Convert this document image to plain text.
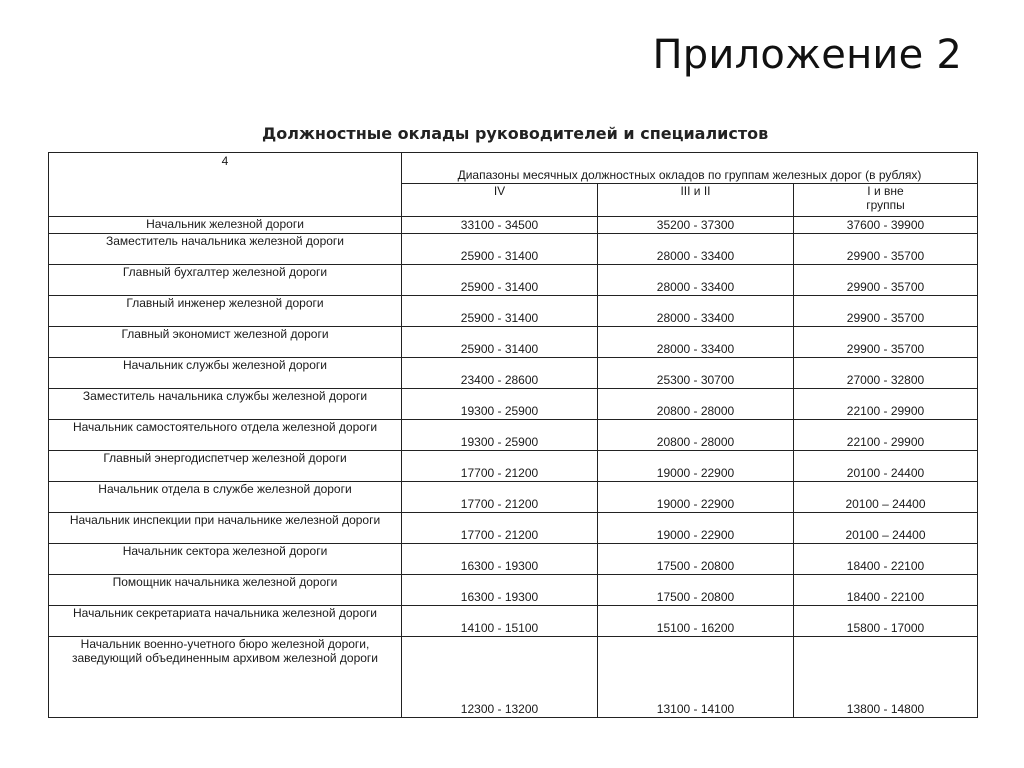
Приложение 2
Должностные оклады руководителей и специалистов
4	Диапазоны месячных должностных окладов по группам железных дорог (в рублях)		
	IV	III и II	I и вне
группы

Начальник железной дороги	33100 - 34500	35200 - 37300	37600 - 39900

Заместитель начальника железной дороги	25900 - 31400	28000 - 33400	29900 - 35700

Главный бухгалтер железной дороги	25900 - 31400	28000 - 33400	29900 - 35700

Главный инженер железной дороги	25900 - 31400	28000 - 33400	29900 - 35700

Главный экономист железной дороги	25900 - 31400	28000 - 33400	29900 - 35700

Начальник службы железной дороги	23400 - 28600	25300 - 30700	27000 - 32800

Заместитель начальника службы железной дороги	19300 - 25900	20800 - 28000	22100 - 29900

Начальник самостоятельного отдела железной дороги	19300 - 25900	20800 - 28000	22100 - 29900

Главный энергодиспетчер железной дороги	17700 - 21200	19000 - 22900	20100 - 24400

Начальник отдела в службе железной дороги	17700 - 21200	19000 - 22900	20100 – 24400

Начальник инспекции при начальнике железной дороги	17700 - 21200	19000 - 22900	20100 – 24400

Начальник сектора железной дороги	16300 - 19300	17500 - 20800	18400 - 22100

Помощник начальника железной дороги	16300 - 19300	17500 - 20800	18400 - 22100

Начальник секретариата начальника железной дороги	14100 - 15100	15100 - 16200	15800 - 17000

Начальник военно-учетного бюро железной дороги,
заведующий объединенным архивом железной дороги	12300 - 13200	13100 - 14100	13800 - 14800
